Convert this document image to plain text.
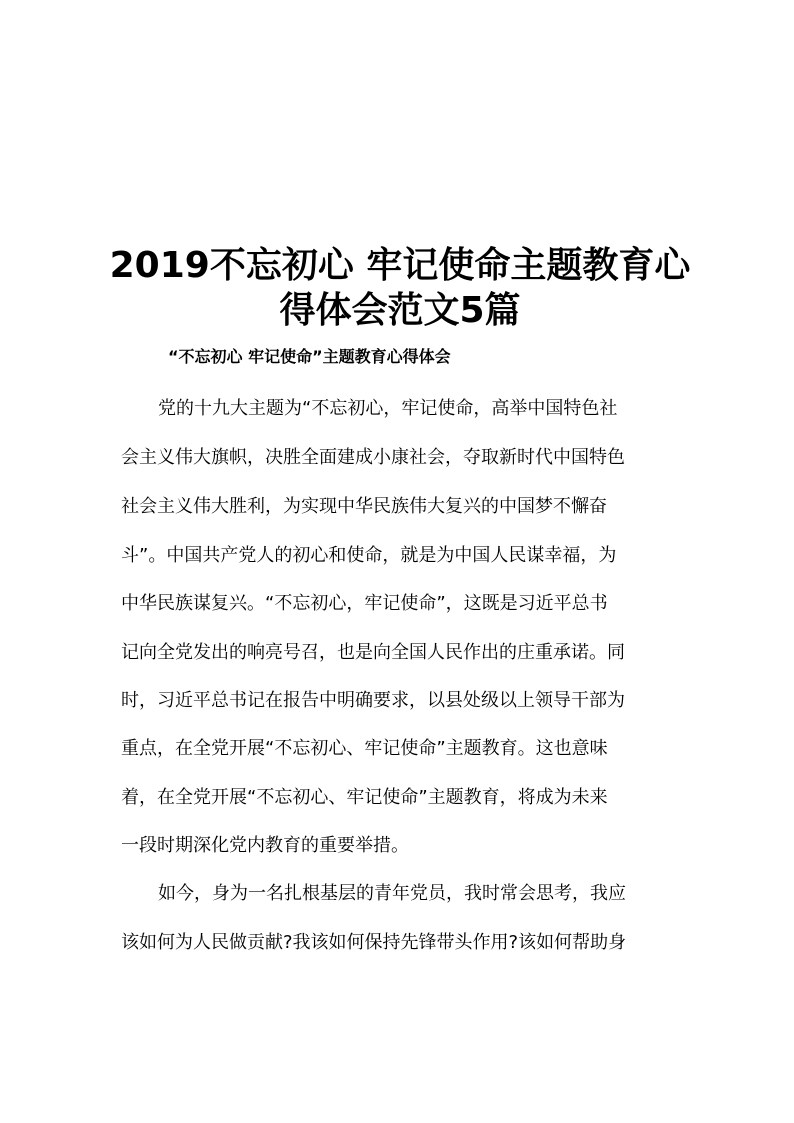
2019不忘初心 牢记使命主题教育心
得体会范文5篇
“不忘初心 牢记使命”主题教育心得体会
党的十九大主题为“不忘初心，牢记使命，高举中国特色社
会主义伟大旗帜，决胜全面建成小康社会，夺取新时代中国特色
社会主义伟大胜利，为实现中华民族伟大复兴的中国梦不懈奋
斗”。中国共产党人的初心和使命，就是为中国人民谋幸福，为
中华民族谋复兴。“不忘初心，牢记使命”，这既是习近平总书
记向全党发出的响亮号召，也是向全国人民作出的庄重承诺。同
时，习近平总书记在报告中明确要求，以县处级以上领导干部为
重点，在全党开展“不忘初心、牢记使命”主题教育。这也意味
着，在全党开展“不忘初心、牢记使命”主题教育，将成为未来
一段时期深化党内教育的重要举措。
如今，身为一名扎根基层的青年党员，我时常会思考，我应
该如何为人民做贡献?我该如何保持先锋带头作用?该如何帮助身
